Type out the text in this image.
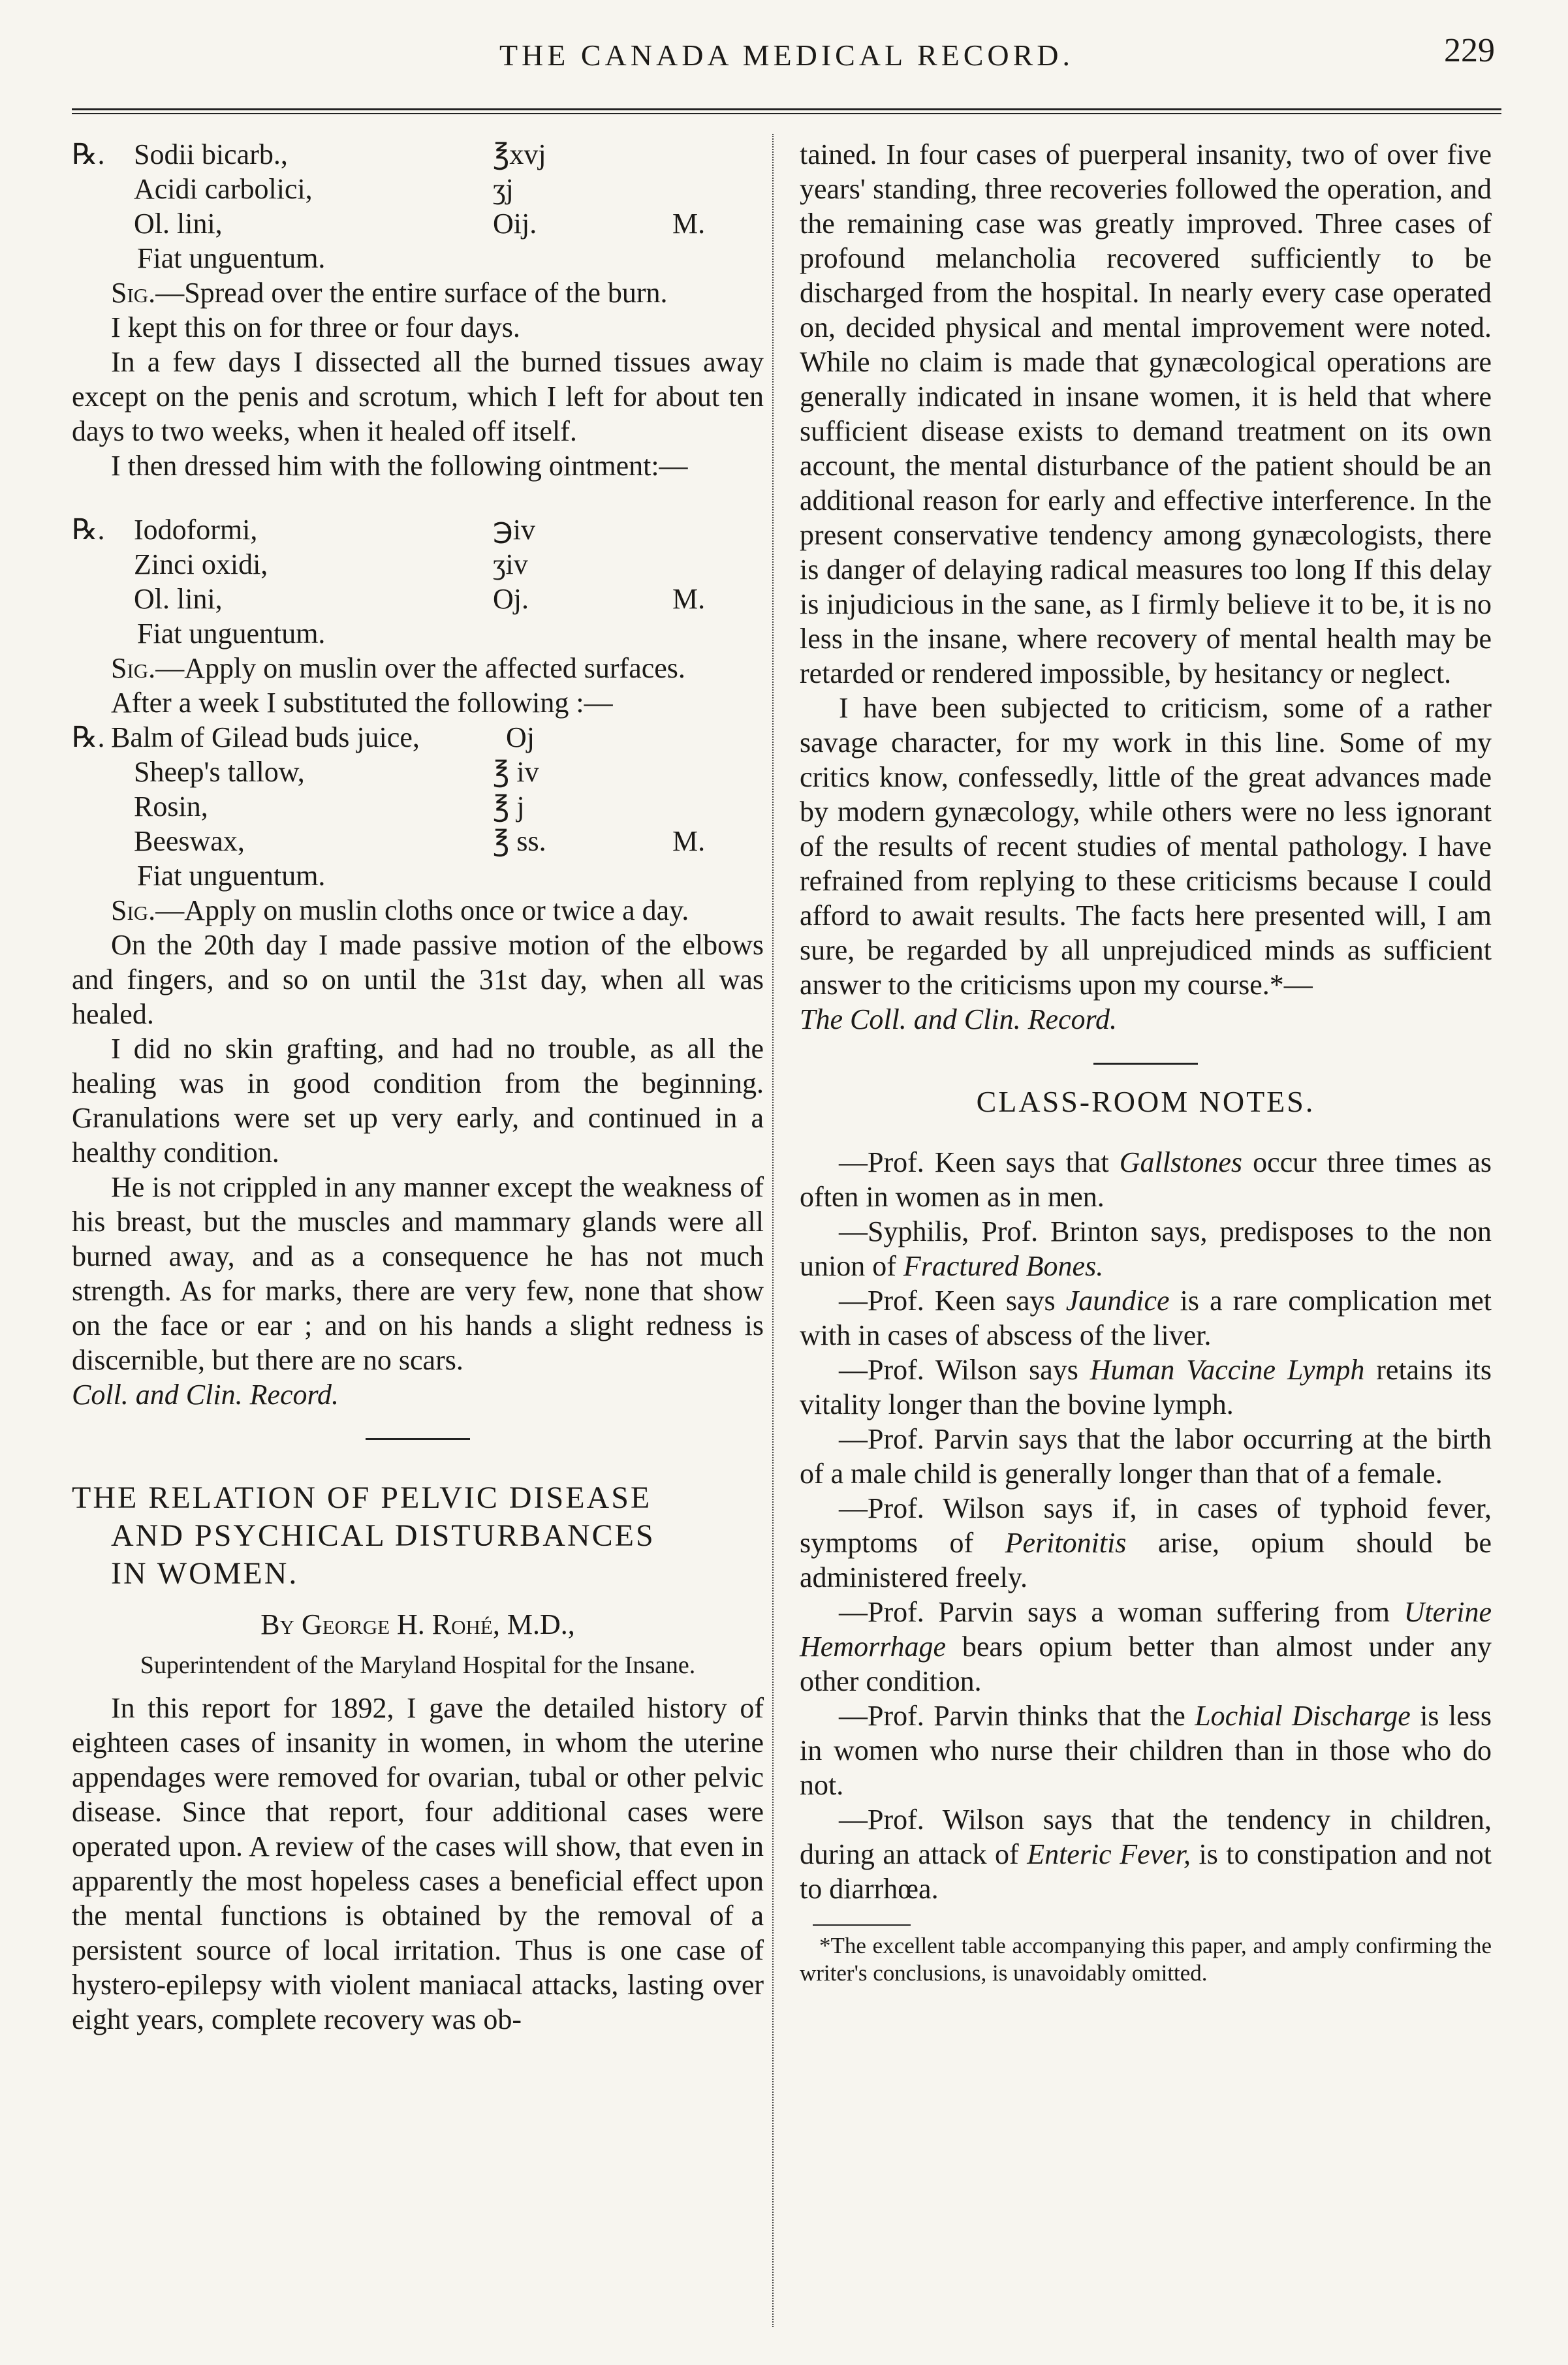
THE CANADA MEDICAL RECORD.	229
℞. Sodii bicarb.,	℥xvj
Acidi carbolici,	ʒj
Ol. lini,	Oij.	M.
Fiat unguentum.

Sig.—Spread over the entire surface of the burn.

I kept this on for three or four days.

In a few days I dissected all the burned tissues away except on the penis and scrotum, which I left for about ten days to two weeks, when it healed off itself.

I then dressed him with the following ointment:—

℞. Iodoformi,	℈iv
Zinci oxidi,	ʒiv
Ol. lini,	Oj.	M.
Fiat unguentum.

Sig.—Apply on muslin over the affected surfaces.

After a week I substituted the following :—

℞. Balm of Gilead buds juice,	Oj
Sheep's tallow,	℥ iv
Rosin,	℥ j
Beeswax,	℥ ss.	M.
Fiat unguentum.

Sig.—Apply on muslin cloths once or twice a day.

On the 20th day I made passive motion of the elbows and fingers, and so on until the 31st day, when all was healed.

I did no skin grafting, and had no trouble, as all the healing was in good condition from the beginning. Granulations were set up very early, and continued in a healthy condition.

He is not crippled in any manner except the weakness of his breast, but the muscles and mammary glands were all burned away, and as a consequence he has not much strength. As for marks, there are very few, none that show on the face or ear ; and on his hands a slight redness is discernible, but there are no scars.
Coll. and Clin. Record.

THE RELATION OF PELVIC DISEASE
AND PSYCHICAL DISTURBANCES
IN WOMEN.
By George H. Rohé, M.D.,
Superintendent of the Maryland Hospital for the Insane.

In this report for 1892, I gave the detailed history of eighteen cases of insanity in women, in whom the uterine appendages were removed for ovarian, tubal or other pelvic disease. Since that report, four additional cases were operated upon. A review of the cases will show, that even in apparently the most hopeless cases a beneficial effect upon the mental functions is obtained by the removal of a persistent source of local irritation. Thus is one case of hystero-epilepsy with violent maniacal attacks, lasting over eight years, complete recovery was ob-

tained. In four cases of puerperal insanity, two of over five years' standing, three recoveries followed the operation, and the remaining case was greatly improved. Three cases of profound melancholia recovered sufficiently to be discharged from the hospital. In nearly every case operated on, decided physical and mental improvement were noted. While no claim is made that gynæcological operations are generally indicated in insane women, it is held that where sufficient disease exists to demand treatment on its own account, the mental disturbance of the patient should be an additional reason for early and effective interference. In the present conservative tendency among gynæcologists, there is danger of delaying radical measures too long If this delay is injudicious in the sane, as I firmly believe it to be, it is no less in the insane, where recovery of mental health may be retarded or rendered impossible, by hesitancy or neglect.

I have been subjected to criticism, some of a rather savage character, for my work in this line. Some of my critics know, confessedly, little of the great advances made by modern gynæcology, while others were no less ignorant of the results of recent studies of mental pathology. I have refrained from replying to these criticisms because I could afford to await results. The facts here presented will, I am sure, be regarded by all unprejudiced minds as sufficient answer to the criticisms upon my course.*—
The Coll. and Clin. Record.

CLASS-ROOM NOTES.

—Prof. Keen says that Gallstones occur three times as often in women as in men.

—Syphilis, Prof. Brinton says, predisposes to the non union of Fractured Bones.

—Prof. Keen says Jaundice is a rare complication met with in cases of abscess of the liver.

—Prof. Wilson says Human Vaccine Lymph retains its vitality longer than the bovine lymph.

—Prof. Parvin says that the labor occurring at the birth of a male child is generally longer than that of a female.

—Prof. Wilson says if, in cases of typhoid fever, symptoms of Peritonitis arise, opium should be administered freely.

—Prof. Parvin says a woman suffering from Uterine Hemorrhage bears opium better than almost under any other condition.

—Prof. Parvin thinks that the Lochial Discharge is less in women who nurse their children than in those who do not.

—Prof. Wilson says that the tendency in children, during an attack of Enteric Fever, is to constipation and not to diarrhœa.

*The excellent table accompanying this paper, and amply confirming the writer's conclusions, is unavoidably omitted.
